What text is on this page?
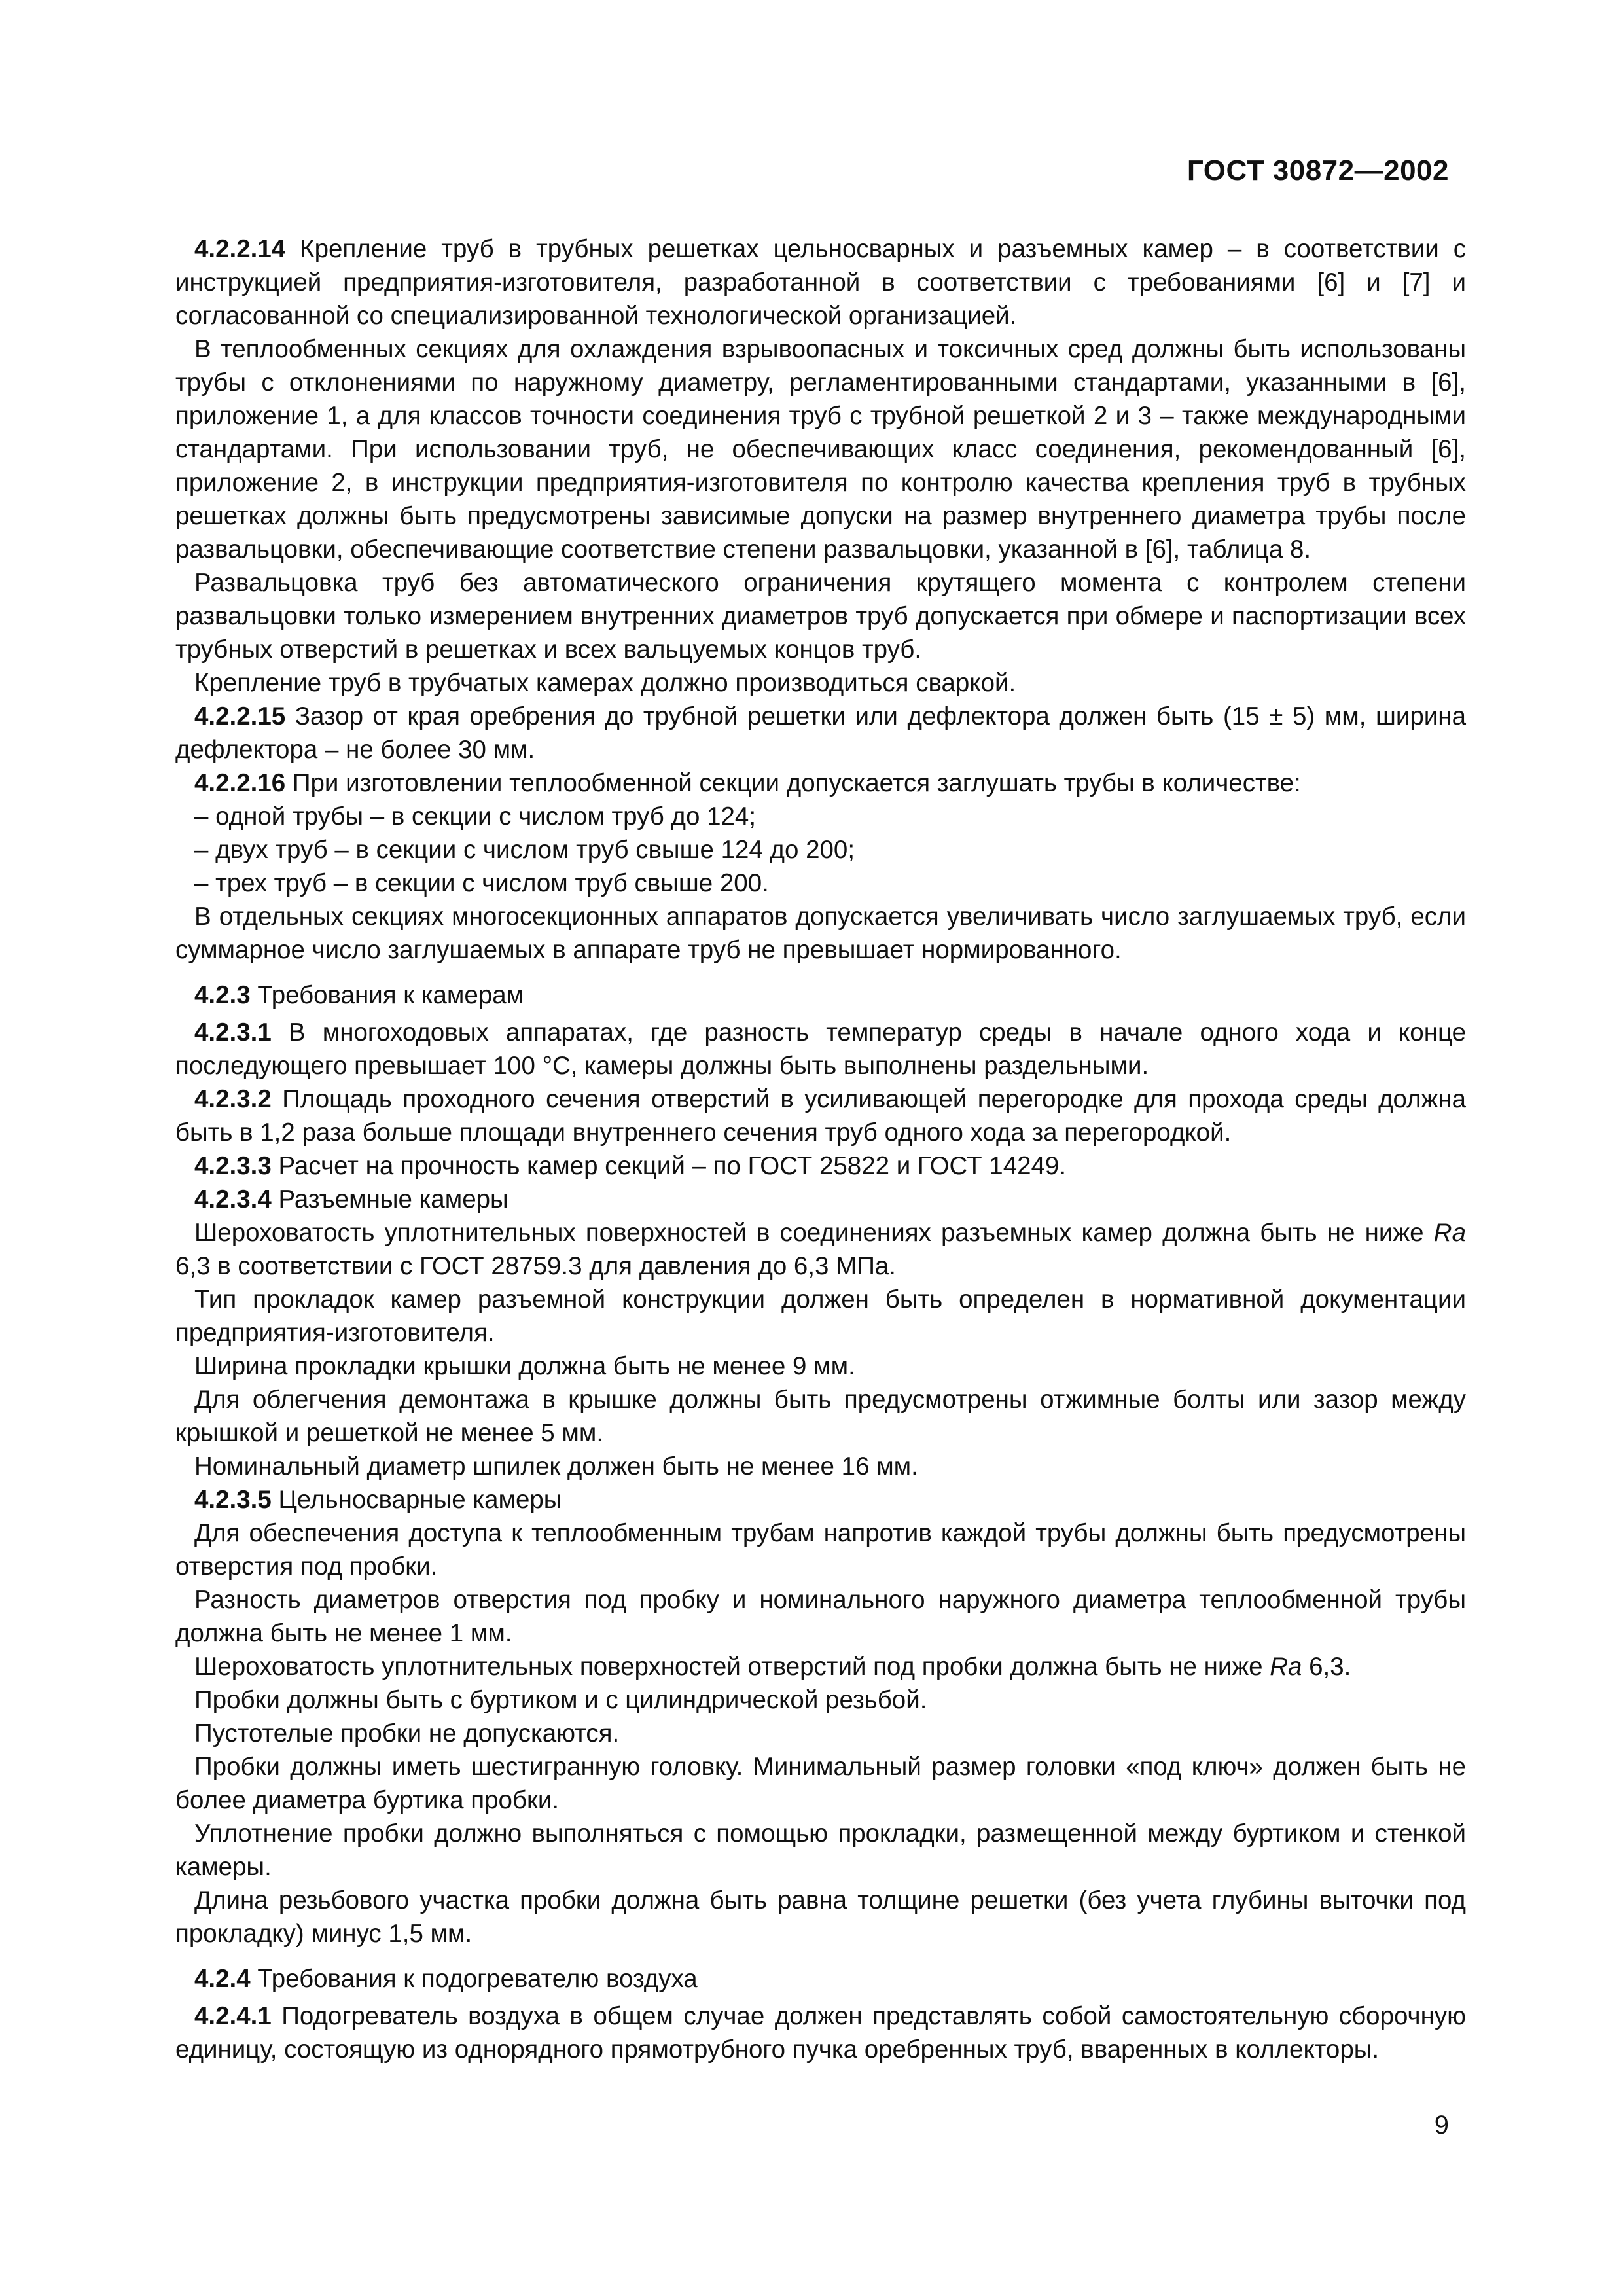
ГОСТ 30872—2002

4.2.2.14 Крепление труб в трубных решетках цельносварных и разъемных камер – в соответствии с инструкцией предприятия-изготовителя, разработанной в соответствии с требованиями [6] и [7] и согласованной со специализированной технологической организацией.

В теплообменных секциях для охлаждения взрывоопасных и токсичных сред должны быть использованы трубы с отклонениями по наружному диаметру, регламентированными стандартами, указанными в [6], приложение 1, а для классов точности соединения труб с трубной решеткой 2 и 3 – также международными стандартами. При использовании труб, не обеспечивающих класс соединения, рекомендованный [6], приложение 2, в инструкции предприятия-изготовителя по контролю качества крепления труб в трубных решетках должны быть предусмотрены зависимые допуски на размер внутреннего диаметра трубы после развальцовки, обеспечивающие соответствие степени развальцовки, указанной в [6], таблица 8.

Развальцовка труб без автоматического ограничения крутящего момента с контролем степени развальцовки только измерением внутренних диаметров труб допускается при обмере и паспортизации всех трубных отверстий в решетках и всех вальцуемых концов труб.

Крепление труб в трубчатых камерах должно производиться сваркой.

4.2.2.15 Зазор от края оребрения до трубной решетки или дефлектора должен быть (15 ± 5) мм, ширина дефлектора – не более 30 мм.

4.2.2.16 При изготовлении теплообменной секции допускается заглушать трубы в количестве:

– одной трубы – в секции с числом труб до 124;

– двух труб – в секции с числом труб свыше 124 до 200;

– трех труб – в секции с числом труб свыше 200.

В отдельных секциях многосекционных аппаратов допускается увеличивать число заглушаемых труб, если суммарное число заглушаемых в аппарате труб не превышает нормированного.

4.2.3 Требования к камерам

4.2.3.1 В многоходовых аппаратах, где разность температур среды в начале одного хода и конце последующего превышает 100 °С, камеры должны быть выполнены раздельными.

4.2.3.2 Площадь проходного сечения отверстий в усиливающей перегородке для прохода среды должна быть в 1,2 раза больше площади внутреннего сечения труб одного хода за перегородкой.

4.2.3.3 Расчет на прочность камер секций – по ГОСТ 25822 и ГОСТ 14249.

4.2.3.4 Разъемные камеры

Шероховатость уплотнительных поверхностей в соединениях разъемных камер должна быть не ниже Ra 6,3 в соответствии с ГОСТ 28759.3 для давления до 6,3 МПа.

Тип прокладок камер разъемной конструкции должен быть определен в нормативной документации предприятия-изготовителя.

Ширина прокладки крышки должна быть не менее 9 мм.

Для облегчения демонтажа в крышке должны быть предусмотрены отжимные болты или зазор между крышкой и решеткой не менее 5 мм.

Номинальный диаметр шпилек должен быть не менее 16 мм.

4.2.3.5 Цельносварные камеры

Для обеспечения доступа к теплообменным трубам напротив каждой трубы должны быть предусмотрены отверстия под пробки.

Разность диаметров отверстия под пробку и номинального наружного диаметра теплообменной трубы должна быть не менее 1 мм.

Шероховатость уплотнительных поверхностей отверстий под пробки должна быть не ниже Ra 6,3.

Пробки должны быть с буртиком и с цилиндрической резьбой.

Пустотелые пробки не допускаются.

Пробки должны иметь шестигранную головку. Минимальный размер головки «под ключ» должен быть не более диаметра буртика пробки.

Уплотнение пробки должно выполняться с помощью прокладки, размещенной между буртиком и стенкой камеры.

Длина резьбового участка пробки должна быть равна толщине решетки (без учета глубины выточки под прокладку) минус 1,5 мм.

4.2.4 Требования к подогревателю воздуха

4.2.4.1 Подогреватель воздуха в общем случае должен представлять собой самостоятельную сборочную единицу, состоящую из однорядного прямотрубного пучка оребренных труб, вваренных в коллекторы.

9
